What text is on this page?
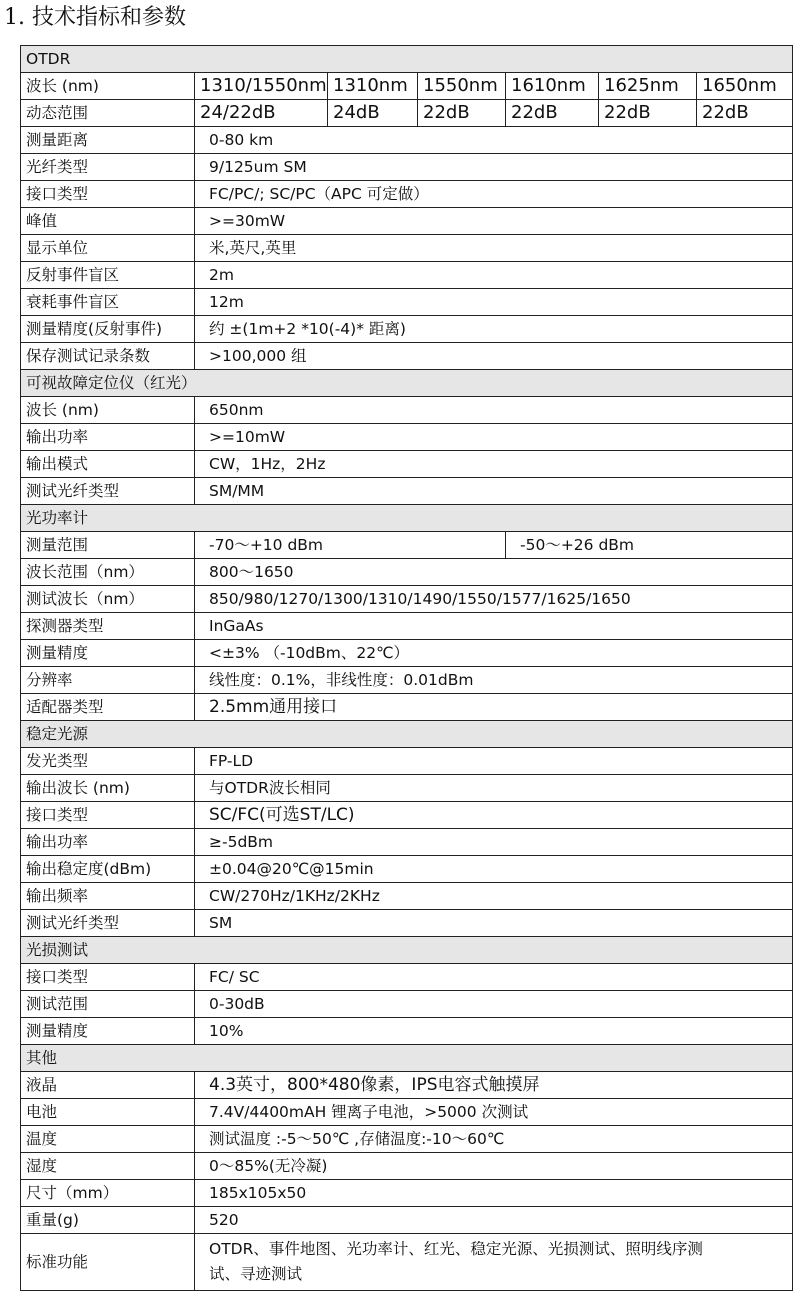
1. 技术指标和参数
OTDR						
波长 (nm)	1310/1550nm	1310nm	1550nm	1610nm	1625nm	1650nm
动态范围	24/22dB	24dB	22dB	22dB	22dB	22dB
测量距离	0-80 km					
光纤类型	9/125um SM					
接口类型	FC/PC/; SC/PC（APC 可定做）					
峰值	>=30mW					
显示单位	米,英尺,英里					
反射事件盲区	2m					
衰耗事件盲区	12m					
测量精度(反射事件)	约 ±(1m+2 *10(-4)* 距离)					
保存测试记录条数	>100,000 组					
可视故障定位仪（红光）						
波长 (nm)	650nm					
输出功率	>=10mW					
输出模式	CW，1Hz，2Hz					
测试光纤类型	SM/MM					
光功率计						
测量范围	-70～+10 dBm			-50～+26 dBm		
波长范围（nm）	800～1650					
测试波长（nm）	850/980/1270/1300/1310/1490/1550/1577/1625/1650					
探测器类型	InGaAs					
测量精度	<±3% （-10dBm、22℃）					
分辨率	线性度：0.1%，非线性度：0.01dBm					
适配器类型	2.5mm通用接口					
稳定光源						
发光类型	FP-LD					
输出波长 (nm)	与OTDR波长相同					
接口类型	SC/FC(可选ST/LC)					
输出功率	≥-5dBm					
输出稳定度(dBm)	±0.04@20℃@15min					
输出频率	CW/270Hz/1KHz/2KHz					
测试光纤类型	SM					
光损测试						
接口类型	FC/ SC					
测试范围	0-30dB					
测量精度	10%					
其他						
液晶	4.3英寸，800*480像素，IPS电容式触摸屏					
电池	7.4V/4400mAH 锂离子电池，>5000 次测试					
温度	测试温度 :-5～50℃ ,存储温度:-10～60℃					
湿度	0～85%(无冷凝)					
尺寸（mm）	185x105x50					
重量(g)	520					
标准功能	OTDR、事件地图、光功率计、红光、稳定光源、光损测试、照明线序测试、寻迹测试					
